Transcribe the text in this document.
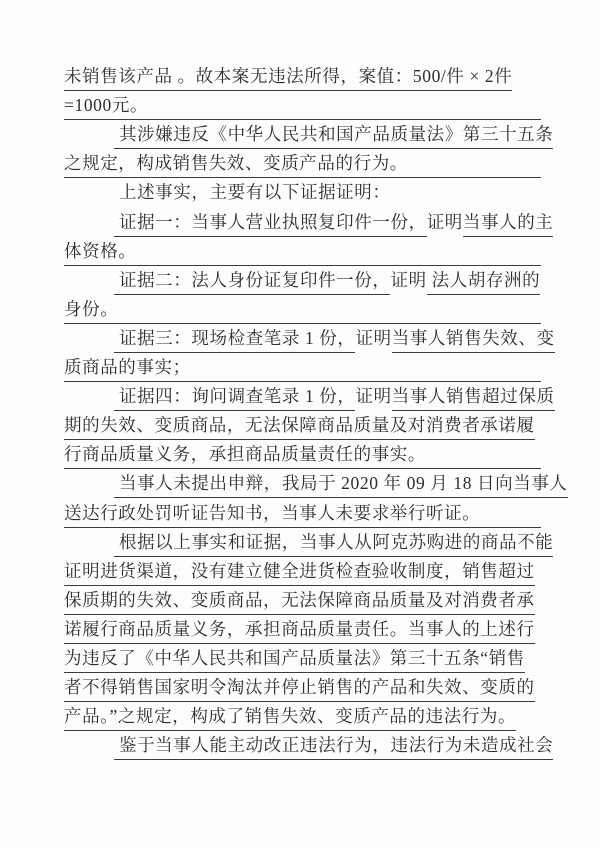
未销售该产品 。故本案无违法所得，案值：500/件 × 2件
=1000元。
其涉嫌违反《中华人民共和国产品质量法》第三十五条
之规定，构成销售失效、变质产品的行为。
上述事实，主要有以下证据证明：
证据一：当事人营业执照复印件一份， 证明 当事人的主
体资格。
证据二：法人身份证复印件一份， 证明 法人胡存洲的
身份。
证据三：现场检查笔录 1 份， 证明 当事人销售失效、变
质商品的事实；
证据四：询问调查笔录 1 份， 证明 当事人销售超过保质
期的失效、变质商品，无法保障商品质量及对消费者承诺履
行商品质量义务，承担商品质量责任的事实。
当事人未提出申辩，我局于 2020 年 09 月 18 日向当事人
送达行政处罚听证告知书，当事人未要求举行听证。
根据以上事实和证据，当事人从阿克苏购进的商品不能
证明进货渠道，没有建立健全进货检查验收制度，销售超过
保质期的失效、变质商品，无法保障商品质量及对消费者承
诺履行商品质量义务，承担商品质量责任。当事人的上述行
为违反了《中华人民共和国产品质量法》第三十五条“销售
者不得销售国家明令淘汰并停止销售的产品和失效、变质的
产品。”之规定，构成了销售失效、变质产品的违法行为。
鉴于当事人能主动改正违法行为，违法行为未造成社会
